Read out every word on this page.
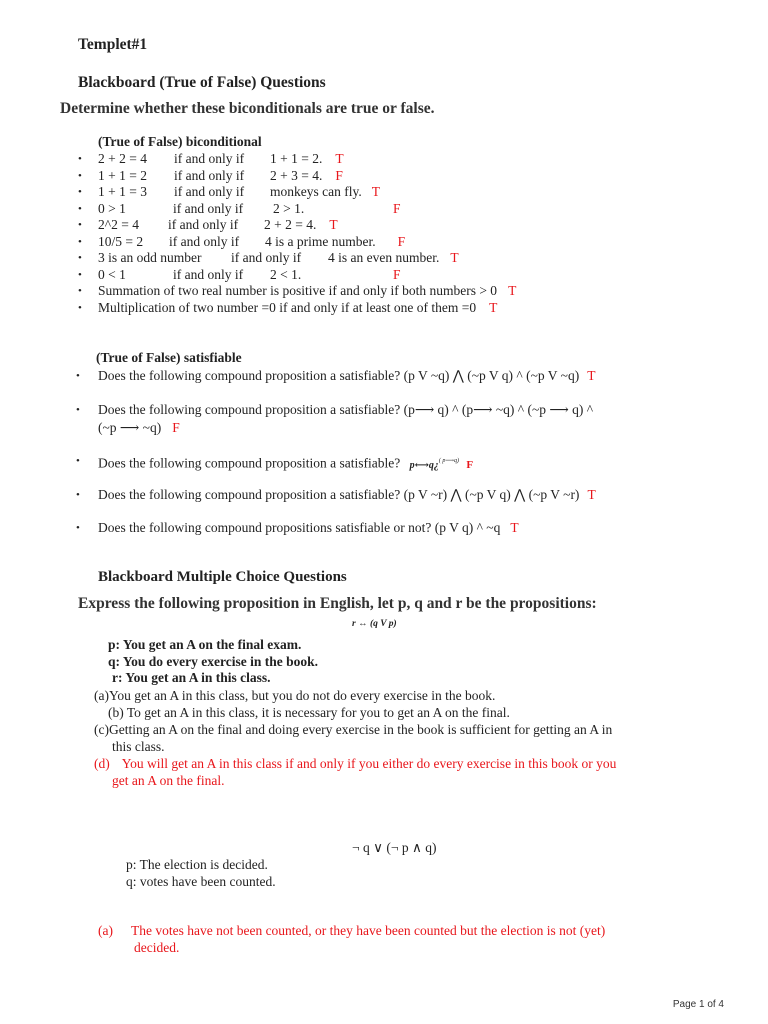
Templet#1
Blackboard (True of False) Questions
Determine whether these biconditionals are true or false.
(True of False) biconditional
• 2 + 2 = 4 if and only if 1 + 1 = 2. T
• 1 + 1 = 2 if and only if 2 + 3 = 4. F
• 1 + 1 = 3 if and only if monkeys can fly. T
• 0 > 1	if and only if 2 > 1.	F
• 2^2 = 4 if and only if 2 + 2 = 4. T
• 10/5 = 2 if and only if 4 is a prime number. F
• 3 is an odd number if and only if 4 is an even number. T
• 0 < 1	if and only if 2 < 1.	F
• Summation of two real number is positive if and only if both numbers > 0 T
• Multiplication of two number =0 if and only if at least one of them =0 T
(True of False) satisfiable
• Does the following compound proposition a satisfiable? (p V ~q) ⋀ (~p V q) ^ (~p V ~q) T
• Does the following compound proposition a satisfiable? (p⟶ q) ^ (p⟶ ~q) ^ (~p ⟶ q) ^
(~p ⟶ ~q) F
• Does the following compound proposition a satisfiable? p⟷q¿$^{( p⟶q)}$ F
• Does the following compound proposition a satisfiable? (p V ~r) ⋀ (~p V q) ⋀ (~p V ~r) T
• Does the following compound propositions satisfiable or not? (p V q) ^ ~q T
Blackboard Multiple Choice Questions
Express the following proposition in English, let p, q and r be the propositions:
r ↔ (q V p)
p: You get an A on the final exam.
q: You do every exercise in the book.
r: You get an A in this class.
(a)You get an A in this class, but you do not do every exercise in the book.
(b) To get an A in this class, it is necessary for you to get an A on the final.
(c)Getting an A on the final and doing every exercise in the book is sufficient for getting an A in
this class.
(d) You will get an A in this class if and only if you either do every exercise in this book or you
get an A on the final.
¬ q ∨ (¬ p ∧ q)
p: The election is decided.
q: votes have been counted.
(a) The votes have not been counted, or they have been counted but the election is not (yet)
decided.
Page 1 of 4
